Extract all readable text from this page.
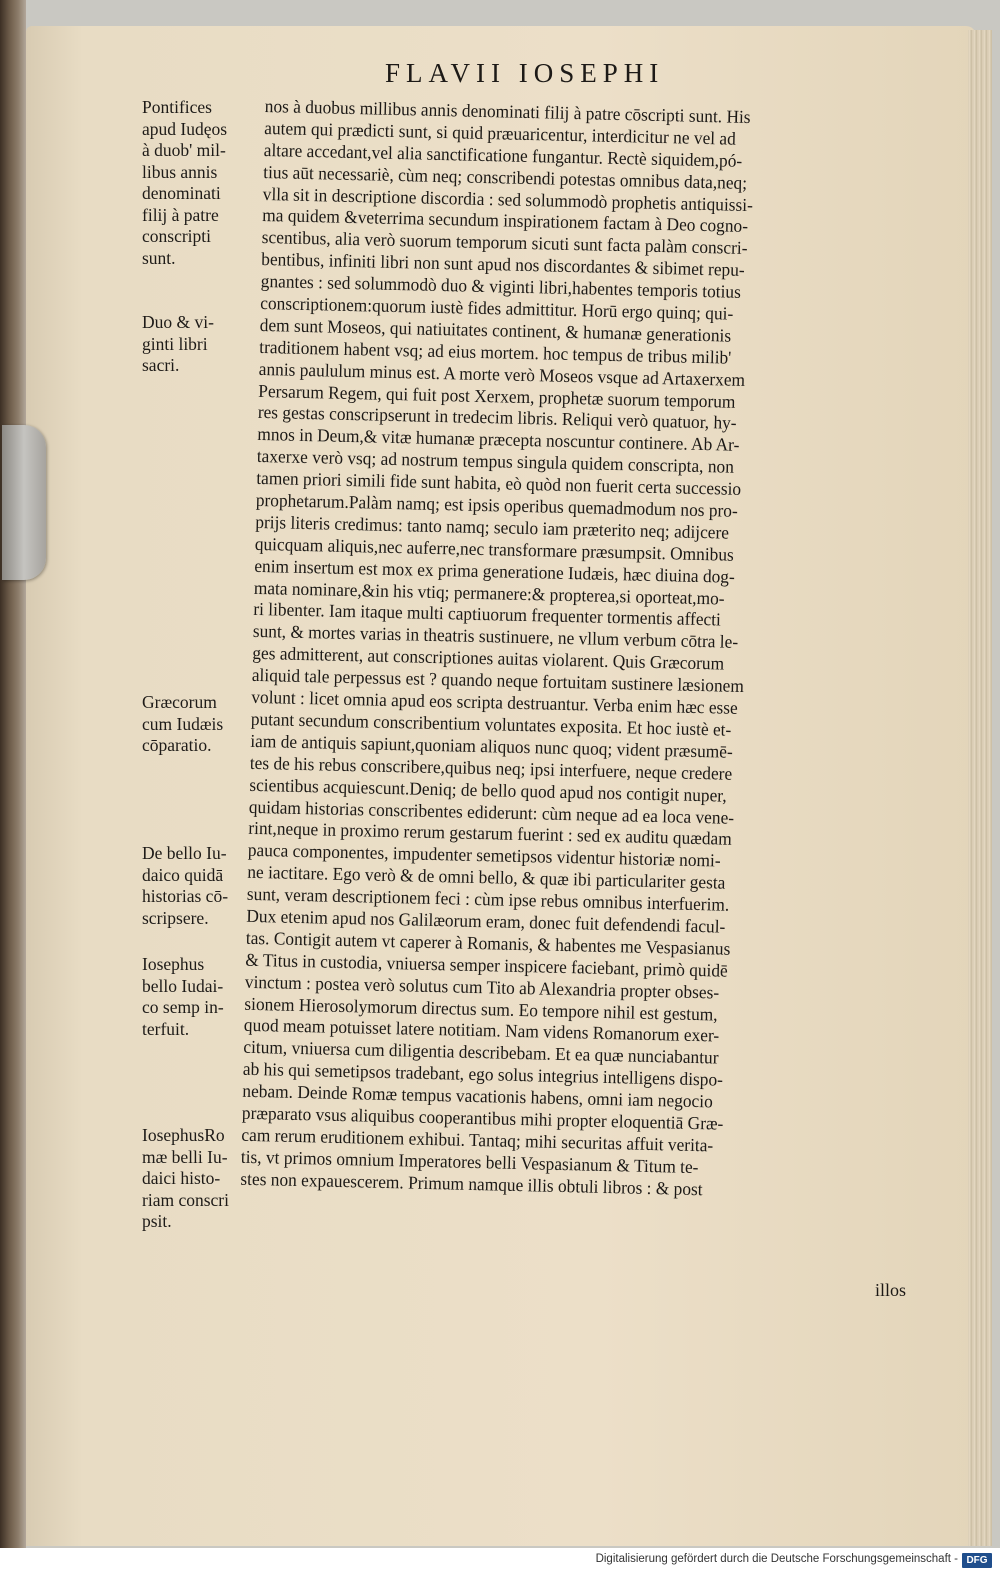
FLAVII IOSEPHI
Pontifices
apud Iudęos
à duob' mil-
libus annis
denominati
filij à patre
conscripti
sunt.
Duo & vi-
ginti libri
sacri.
Græcorum
cum Iudæis
cōparatio.
De bello Iu-
daico quidā
historias cō-
scripsere.
Iosephus
bello Iudai-
co semp in-
terfuit.
IosephusRo
mæ belli Iu-
daici histo-
riam conscri
psit.
nos à duobus millibus annis denominati filij à patre cōscripti sunt. His
autem qui prædicti sunt, si quid præuaricentur, interdicitur ne vel ad
altare accedant,vel alia sanctificatione fungantur. Rectè siquidem,pó-
tius aūt necessariè, cùm neq; conscribendi potestas omnibus data,neq;
vlla sit in descriptione discordia : sed solummodò prophetis antiquissi-
ma quidem &veterrima secundum inspirationem factam à Deo cogno-
scentibus, alia verò suorum temporum sicuti sunt facta palàm conscri-
bentibus, infiniti libri non sunt apud nos discordantes & sibimet repu-
gnantes : sed solummodò duo & viginti libri,habentes temporis totius
conscriptionem:quorum iustè fides admittitur. Horū ergo quinq; qui-
dem sunt Moseos, qui natiuitates continent, & humanæ generationis
traditionem habent vsq; ad eius mortem. hoc tempus de tribus milib'
annis paululum minus est. A morte verò Moseos vsque ad Artaxerxem
Persarum Regem, qui fuit post Xerxem, prophetæ suorum temporum
res gestas conscripserunt in tredecim libris. Reliqui verò quatuor, hy-
mnos in Deum,& vitæ humanæ præcepta noscuntur continere. Ab Ar-
taxerxe verò vsq; ad nostrum tempus singula quidem conscripta, non
tamen priori simili fide sunt habita, eò quòd non fuerit certa successio
prophetarum.Palàm namq; est ipsis operibus quemadmodum nos pro-
prijs literis credimus: tanto namq; seculo iam præterito neq; adijcere
quicquam aliquis,nec auferre,nec transformare præsumpsit. Omnibus
enim insertum est mox ex prima generatione Iudæis, hæc diuina dog-
mata nominare,&in his vtiq; permanere:& propterea,si oporteat,mo-
ri libenter. Iam itaque multi captiuorum frequenter tormentis affecti
sunt, & mortes varias in theatris sustinuere, ne vllum verbum cōtra le-
ges admitterent, aut conscriptiones auitas violarent. Quis Græcorum
aliquid tale perpessus est ? quando neque fortuitam sustinere læsionem
volunt : licet omnia apud eos scripta destruantur. Verba enim hæc esse
putant secundum conscribentium voluntates exposita. Et hoc iustè et-
iam de antiquis sapiunt,quoniam aliquos nunc quoq; vident præsumē-
tes de his rebus conscribere,quibus neq; ipsi interfuere, neque credere
scientibus acquiescunt.Deniq; de bello quod apud nos contigit nuper,
quidam historias conscribentes ediderunt: cùm neque ad ea loca vene-
rint,neque in proximo rerum gestarum fuerint : sed ex auditu quædam
pauca componentes, impudenter semetipsos videntur historiæ nomi-
ne iactitare. Ego verò & de omni bello, & quæ ibi particulariter gesta
sunt, veram descriptionem feci : cùm ipse rebus omnibus interfuerim.
Dux etenim apud nos Galilæorum eram, donec fuit defendendi facul-
tas. Contigit autem vt caperer à Romanis, & habentes me Vespasianus
& Titus in custodia, vniuersa semper inspicere faciebant, primò quidē
vinctum : postea verò solutus cum Tito ab Alexandria propter obses-
sionem Hierosolymorum directus sum. Eo tempore nihil est gestum,
quod meam potuisset latere notitiam. Nam videns Romanorum exer-
citum, vniuersa cum diligentia describebam. Et ea quæ nunciabantur
ab his qui semetipsos tradebant, ego solus integrius intelligens dispo-
nebam. Deinde Romæ tempus vacationis habens, omni iam negocio
præparato vsus aliquibus cooperantibus mihi propter eloquentiā Græ-
cam rerum eruditionem exhibui. Tantaq; mihi securitas affuit verita-
tis, vt primos omnium Imperatores belli Vespasianum & Titum te-
stes non expauescerem. Primum namque illis obtuli libros : & post
illos
Digitalisierung gefördert durch die Deutsche Forschungsgemeinschaft - DFG
